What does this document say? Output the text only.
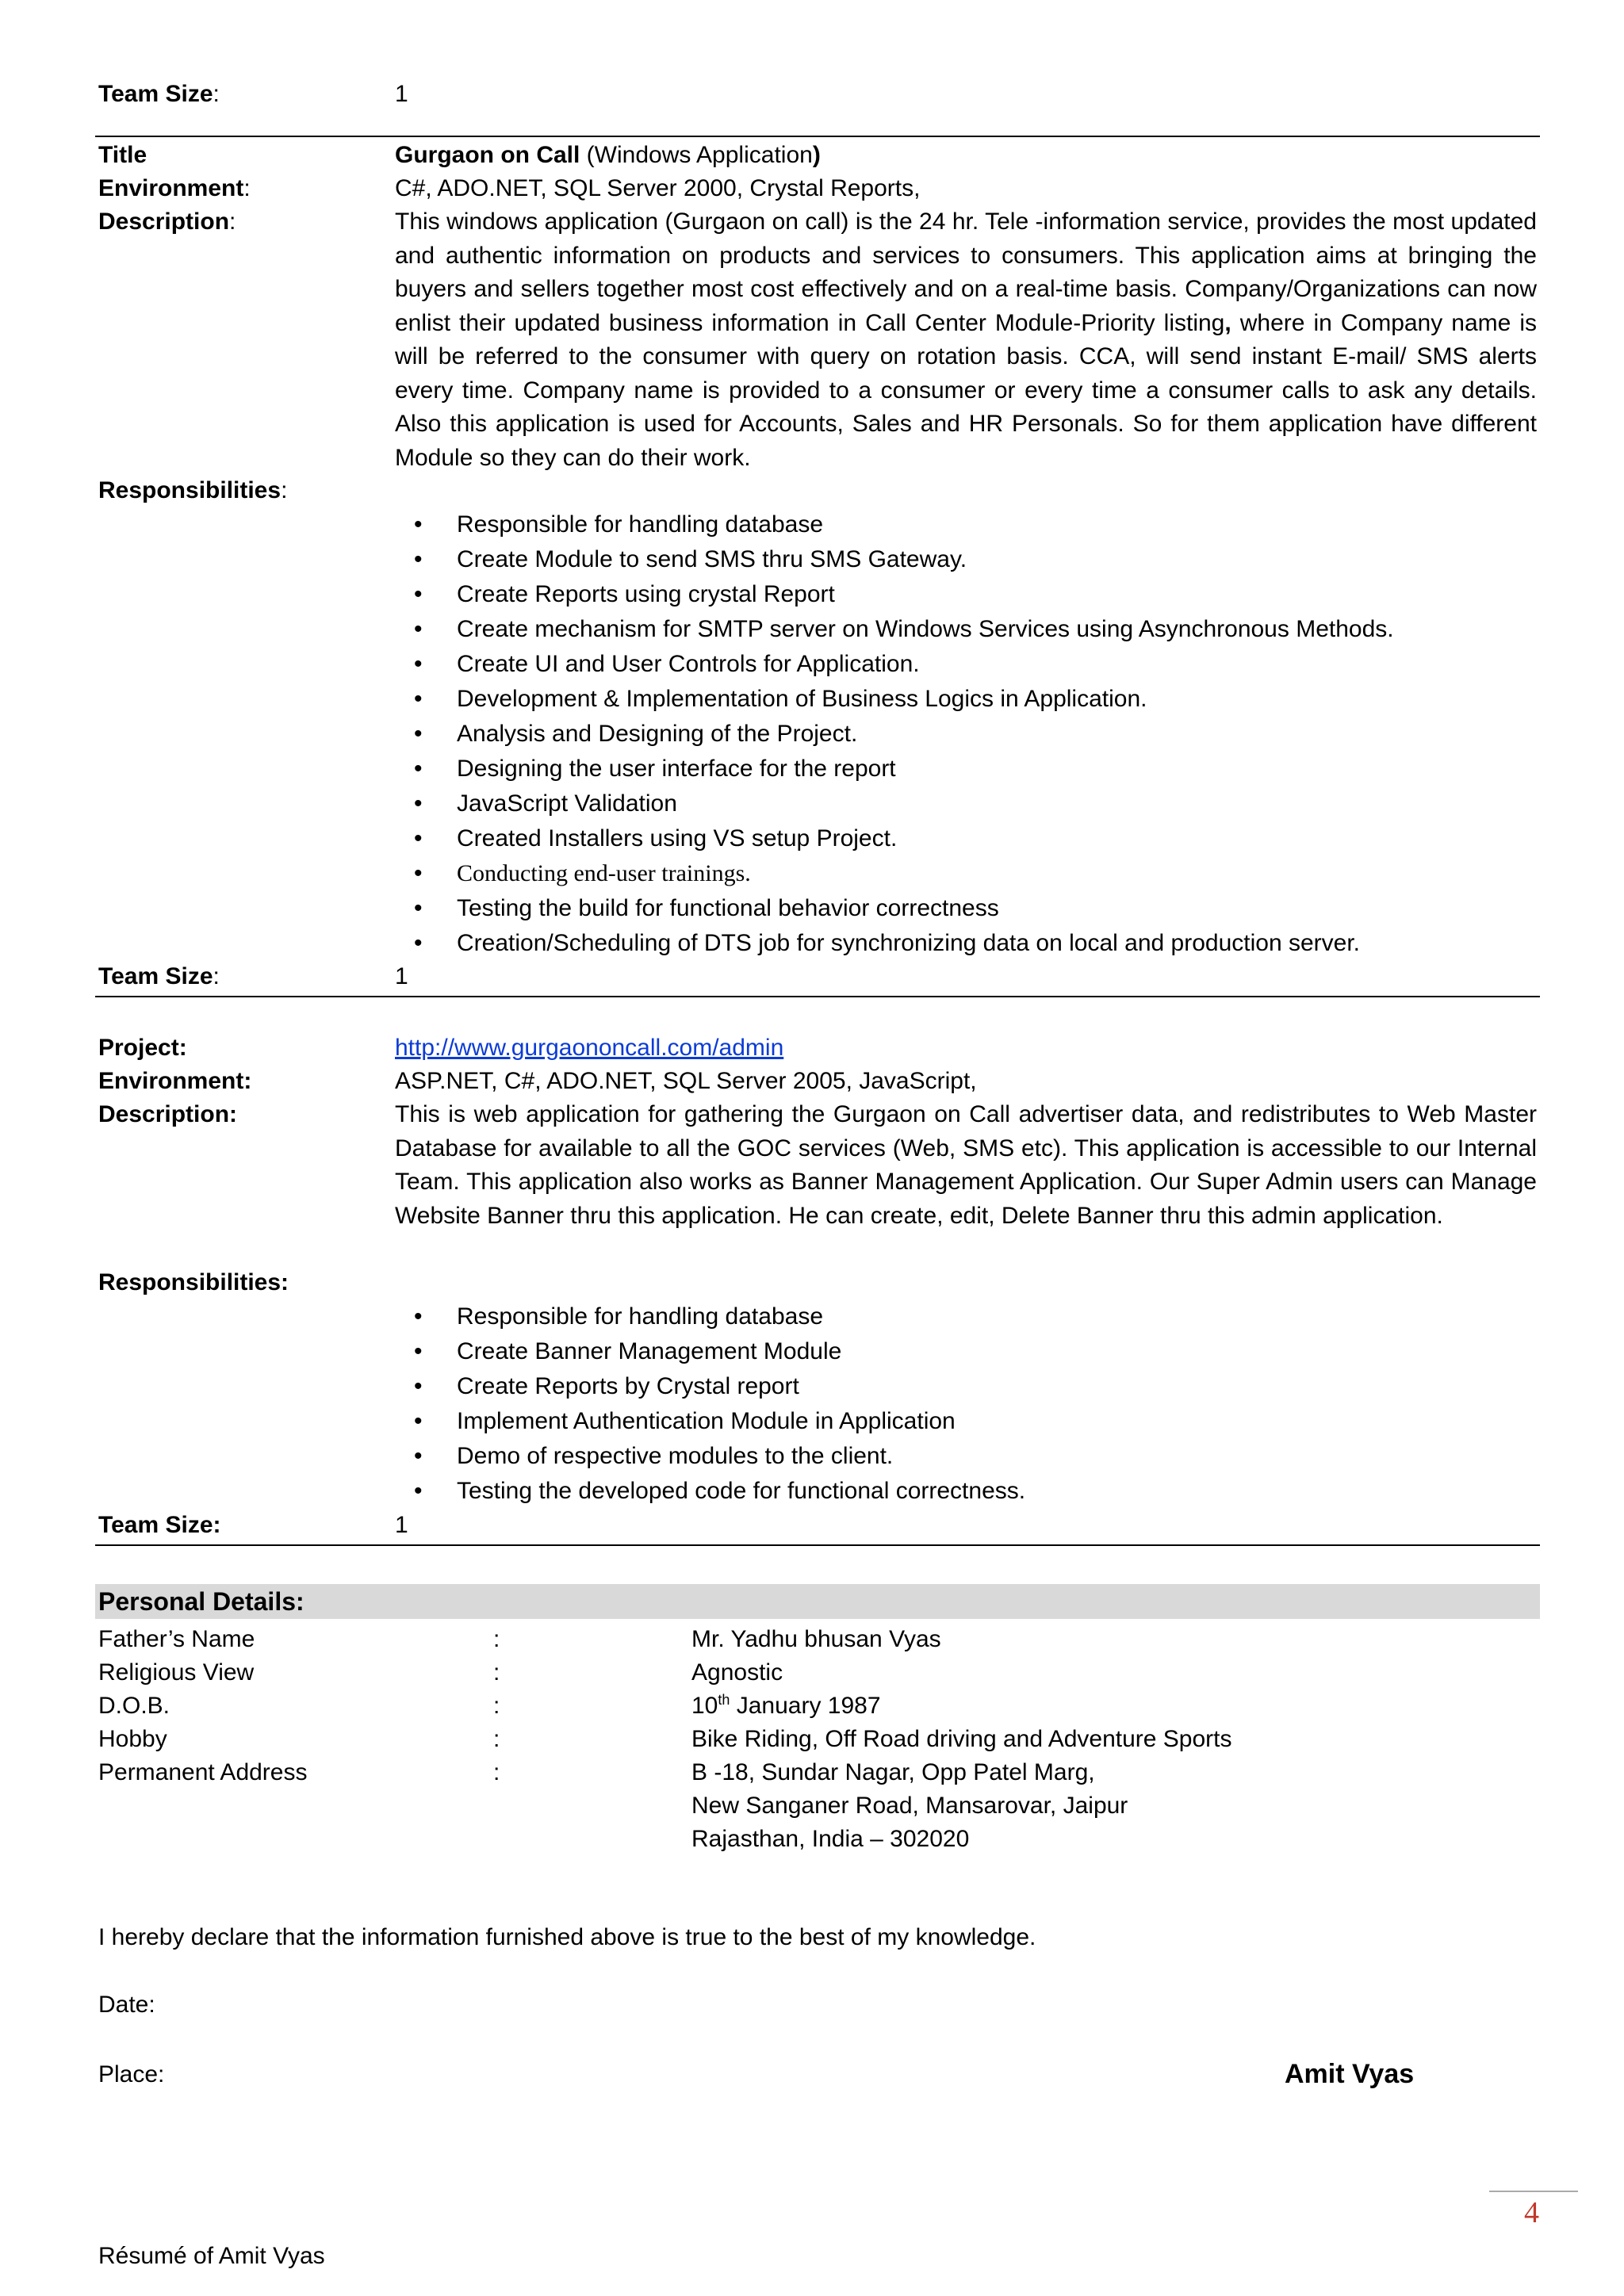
Team Size:	1
Title	Gurgaon on Call (Windows Application)
Environment:	C#, ADO.NET, SQL Server 2000, Crystal Reports,
Description:	This windows application (Gurgaon on call) is the 24 hr. Tele -information service, provides the most updated and authentic information on products and services to consumers. This application aims at bringing the buyers and sellers together most cost effectively and on a real-time basis. Company/Organizations can now enlist their updated business information in Call Center Module-Priority listing, where in Company name is will be referred to the consumer with query on rotation basis. CCA, will send instant E-mail/ SMS alerts every time. Company name is provided to a consumer or every time a consumer calls to ask any details. Also this application is used for Accounts, Sales and HR Personals. So for them application have different Module so they can do their work.
Responsibilities:
• Responsible for handling database
• Create Module to send SMS thru SMS Gateway.
• Create Reports using crystal Report
• Create mechanism for SMTP server on Windows Services using Asynchronous Methods.
• Create UI and User Controls for Application.
• Development & Implementation of Business Logics in Application.
• Analysis and Designing of the Project.
• Designing the user interface for the report
• JavaScript Validation
• Created Installers using VS setup Project.
• Conducting end-user trainings.
• Testing the build for functional behavior correctness
• Creation/Scheduling of DTS job for synchronizing data on local and production server.
Team Size:	1
Project:	http://www.gurgaononcall.com/admin
Environment:	ASP.NET, C#, ADO.NET, SQL Server 2005, JavaScript,
Description:	This is web application for gathering the Gurgaon on Call advertiser data, and redistributes to Web Master Database for available to all the GOC services (Web, SMS etc). This application is accessible to our Internal Team. This application also works as Banner Management Application. Our Super Admin users can Manage Website Banner thru this application. He can create, edit, Delete Banner thru this admin application.
Responsibilities:
• Responsible for handling database
• Create Banner Management Module
• Create Reports by Crystal report
• Implement Authentication Module in Application
• Demo of respective modules to the client.
• Testing the developed code for functional correctness.
Team Size:	1
Personal Details:
Father’s Name	:	Mr. Yadhu bhusan Vyas
Religious View	:	Agnostic
D.O.B.	:	10th January 1987
Hobby	:	Bike Riding, Off Road driving and Adventure Sports
Permanent Address	:	B -18, Sundar Nagar, Opp Patel Marg,
New Sanganer Road, Mansarovar, Jaipur
Rajasthan, India – 302020
I hereby declare that the information furnished above is true to the best of my knowledge.
Date:
Place:	Amit Vyas
4
Résumé of Amit Vyas
